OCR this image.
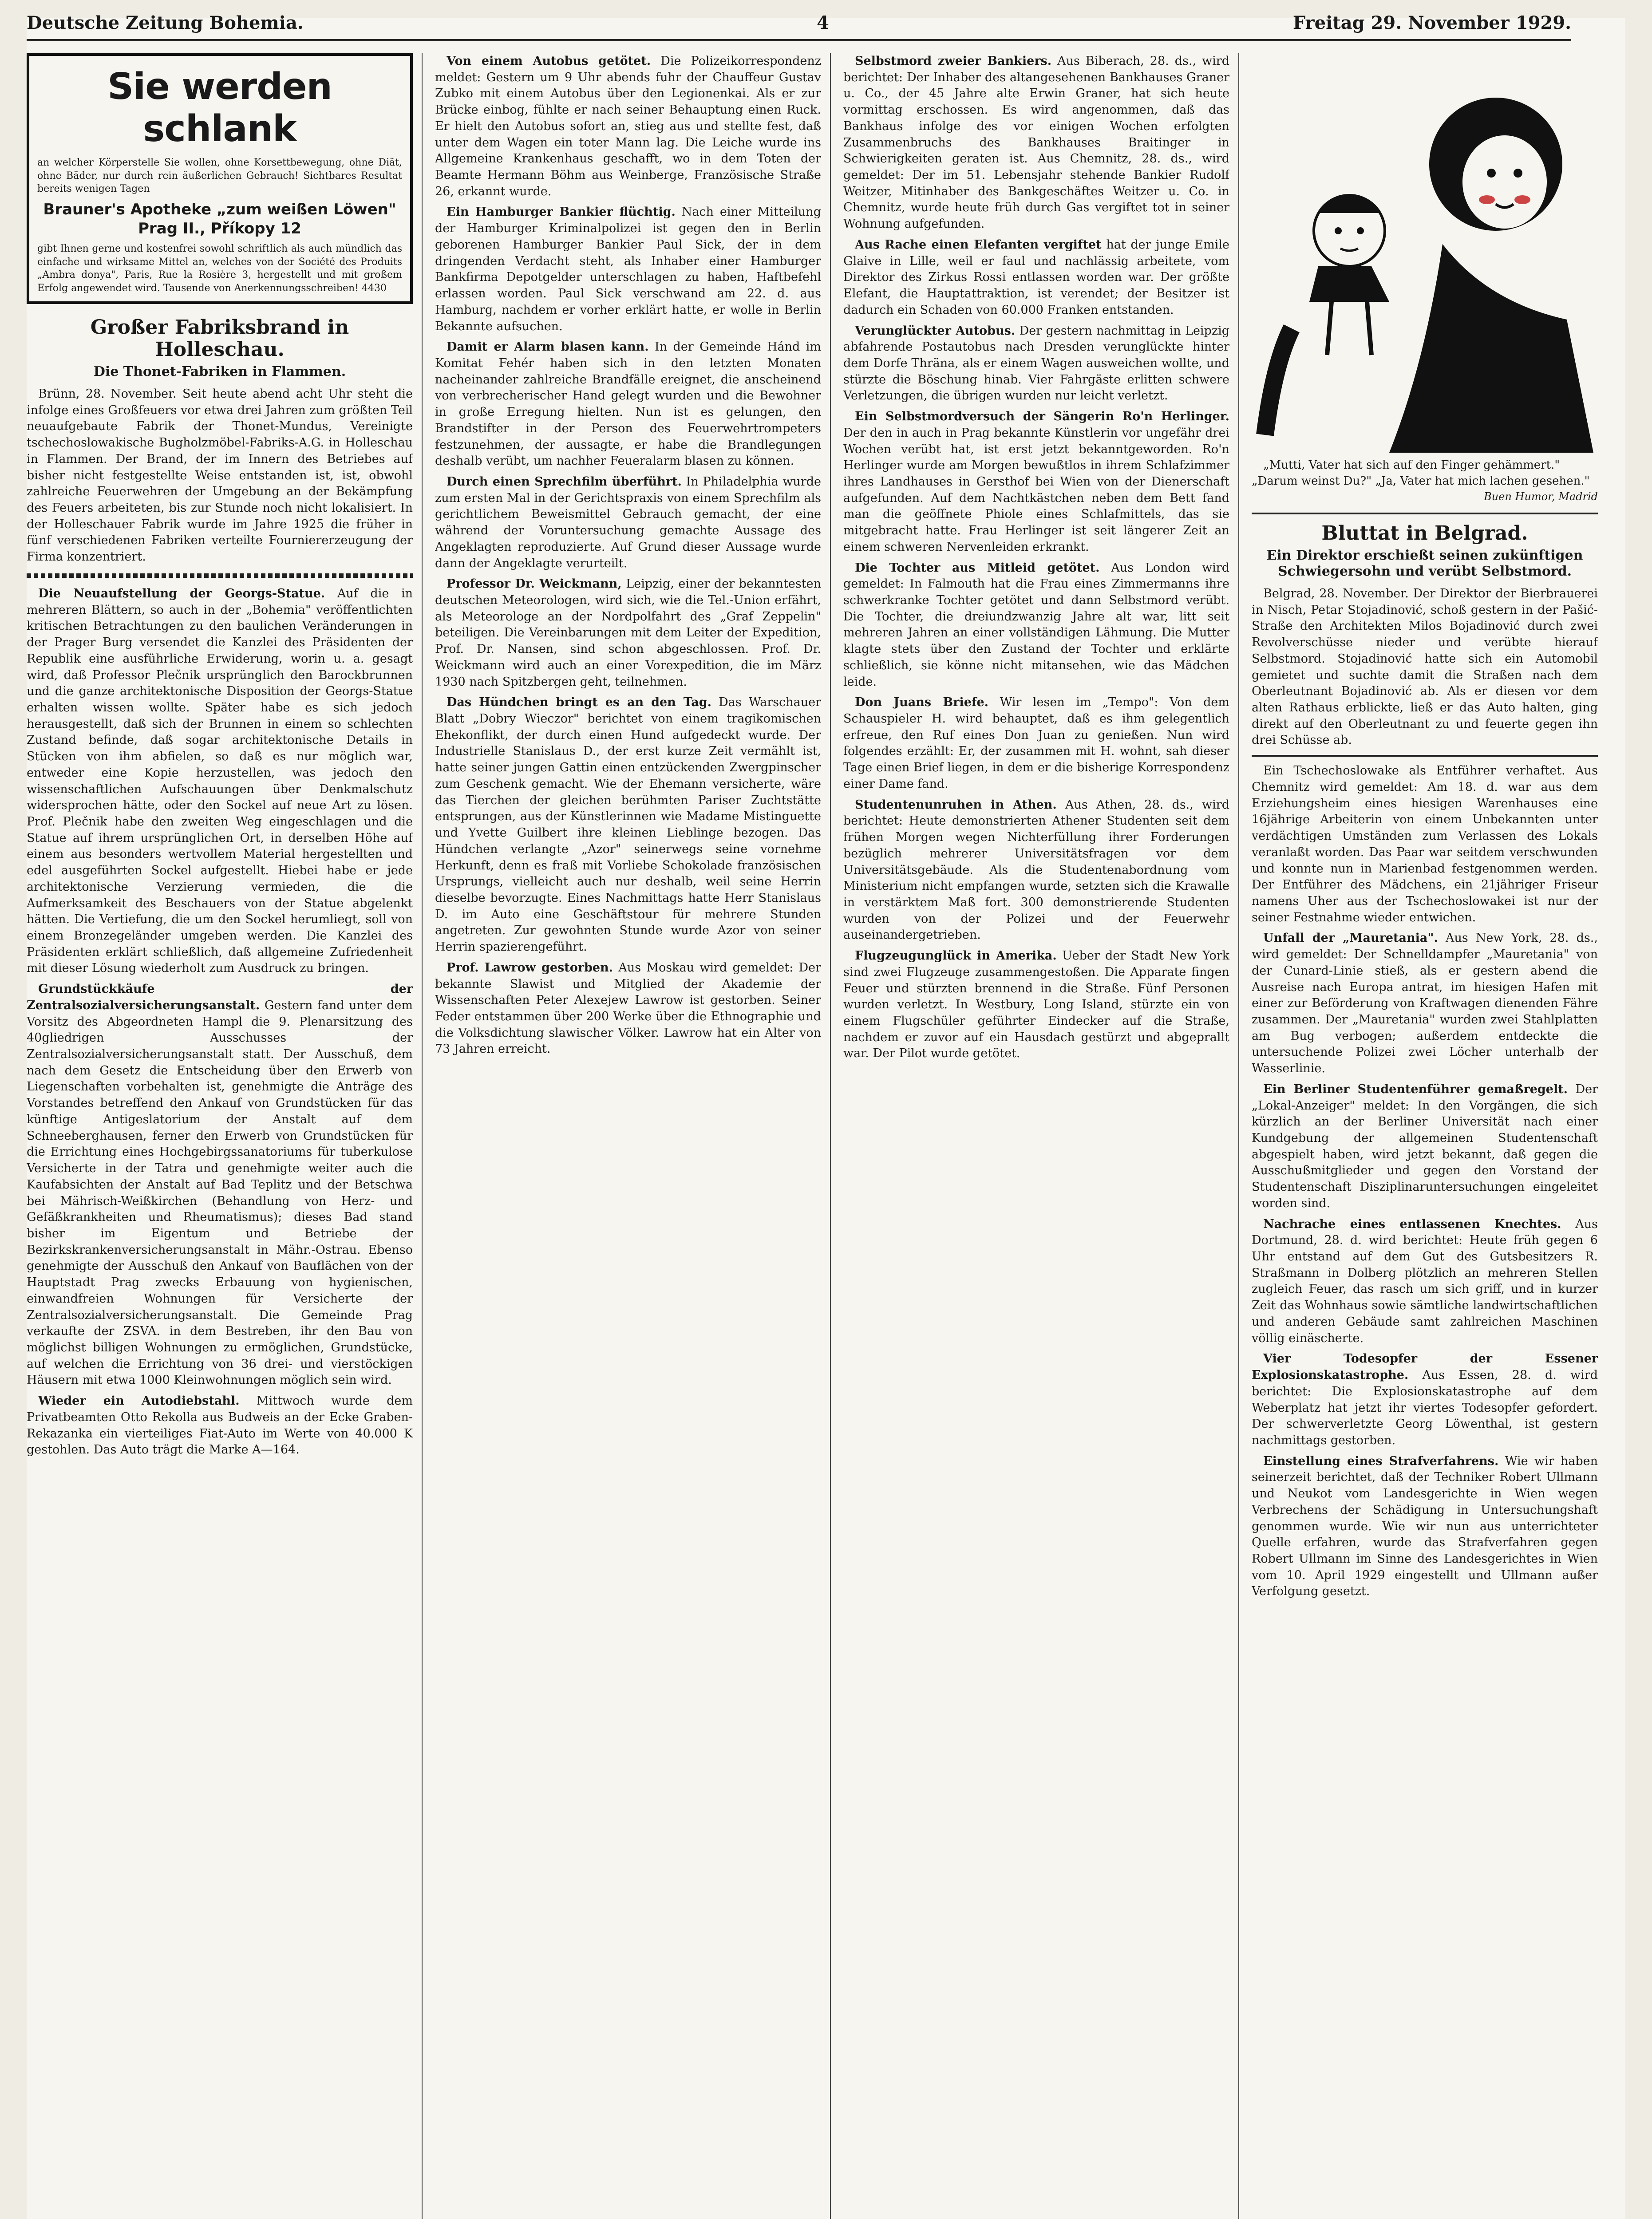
Deutsche Zeitung Bohemia.	4	Freitag 29. November 1929.
Sie werden schlank
an welcher Körperstelle Sie wollen, ohne Korsettbewegung, ohne Diät, ohne Bäder, nur durch rein äußerlichen Gebrauch! Sichtbares Resultat bereits wenigen Tagen
Brauner's Apotheke „zum weißen Löwen" Prag II., Příkopy 12
gibt Ihnen gerne und kostenfrei sowohl schriftlich als auch mündlich das einfache und wirksame Mittel an, welches von der Société des Produits „Ambra donya", Paris, Rue la Rosière 3, hergestellt und mit großem Erfolg angewendet wird. Tausende von Anerkennungsschreiben! 4430
Großer Fabriksbrand in Holleschau.
Die Thonet-Fabriken in Flammen.

Brünn, 28. November. Seit heute abend acht Uhr steht die infolge eines Großfeuers vor etwa drei Jahren zum größten Teil neuaufgebaute Fabrik der Thonet-Mundus, Vereinigte tschechoslowakische Bugholzmöbel-Fabriks-A.G. in Holleschau in Flammen. Der Brand, der im Innern des Betriebes auf bisher nicht festgestellte Weise entstanden ist, ist, obwohl zahlreiche Feuerwehren der Umgebung an der Bekämpfung des Feuers arbeiteten, bis zur Stunde noch nicht lokalisiert. In der Holleschauer Fabrik wurde im Jahre 1925 die früher in fünf verschiedenen Fabriken verteilte Fourniererzeugung der Firma konzentriert.

Die Neuaufstellung der Georgs-Statue. Auf die in mehreren Blättern, so auch in der „Bohemia" veröffentlichten kritischen Betrachtungen zu den baulichen Veränderungen in der Prager Burg versendet die Kanzlei des Präsidenten der Republik eine ausführliche Erwiderung, worin u. a. gesagt wird, daß Professor Plečnik ursprünglich den Barockbrunnen und die ganze architektonische Disposition der Georgs-Statue erhalten wissen wollte. Später habe es sich jedoch herausgestellt, daß sich der Brunnen in einem so schlechten Zustand befinde, daß sogar architektonische Details in Stücken von ihm abfielen, so daß es nur möglich war, entweder eine Kopie herzustellen, was jedoch den wissenschaftlichen Aufschauungen über Denkmalschutz widersprochen hätte, oder den Sockel auf neue Art zu lösen. Prof. Plečnik habe den zweiten Weg eingeschlagen und die Statue auf ihrem ursprünglichen Ort, in derselben Höhe auf einem aus besonders wertvollem Material hergestellten und edel ausgeführten Sockel aufgestellt. Hiebei habe er jede architektonische Verzierung vermieden, die die Aufmerksamkeit des Beschauers von der Statue abgelenkt hätten. Die Vertiefung, die um den Sockel herumliegt, soll von einem Bronzegeländer umgeben werden. Die Kanzlei des Präsidenten erklärt schließlich, daß allgemeine Zufriedenheit mit dieser Lösung wiederholt zum Ausdruck zu bringen.

Grundstückkäufe der Zentralsozialversicherungsanstalt. Gestern fand unter dem Vorsitz des Abgeordneten Hampl die 9. Plenarsitzung des 40gliedrigen Ausschusses der Zentralsozialversicherungsanstalt statt. Der Ausschuß, dem nach dem Gesetz die Entscheidung über den Erwerb von Liegenschaften vorbehalten ist, genehmigte die Anträge des Vorstandes betreffend den Ankauf von Grundstücken für das künftige Antigeslatorium der Anstalt auf dem Schneeberghausen, ferner den Erwerb von Grundstücken für die Errichtung eines Hochgebirgssanatoriums für tuberkulose Versicherte in der Tatra und genehmigte weiter auch die Kaufabsichten der Anstalt auf Bad Teplitz und der Betschwa bei Mährisch-Weißkirchen (Behandlung von Herz- und Gefäßkrankheiten und Rheumatismus); dieses Bad stand bisher im Eigentum und Betriebe der Bezirkskrankenversicherungsanstalt in Mähr.-Ostrau. Ebenso genehmigte der Ausschuß den Ankauf von Bauflächen von der Hauptstadt Prag zwecks Erbauung von hygienischen, einwandfreien Wohnungen für Versicherte der Zentralsozialversicherungsanstalt. Die Gemeinde Prag verkaufte der ZSVA. in dem Bestreben, ihr den Bau von möglichst billigen Wohnungen zu ermöglichen, Grundstücke, auf welchen die Errichtung von 36 drei- und vierstöckigen Häusern mit etwa 1000 Kleinwohnungen möglich sein wird.

Wieder ein Autodiebstahl. Mittwoch wurde dem Privatbeamten Otto Rekolla aus Budweis an der Ecke Graben-Rekazanka ein vierteiliges Fiat-Auto im Werte von 40.000 K gestohlen. Das Auto trägt die Marke A—164.

Von einem Autobus getötet. Die Polizeikorrespondenz meldet: Gestern um 9 Uhr abends fuhr der Chauffeur Gustav Zubko mit einem Autobus über den Legionenkai. Als er zur Brücke einbog, fühlte er nach seiner Behauptung einen Ruck. Er hielt den Autobus sofort an, stieg aus und stellte fest, daß unter dem Wagen ein toter Mann lag. Die Leiche wurde ins Allgemeine Krankenhaus geschafft, wo in dem Toten der Beamte Hermann Böhm aus Weinberge, Französische Straße 26, erkannt wurde.

Ein Hamburger Bankier flüchtig. Nach einer Mitteilung der Hamburger Kriminalpolizei ist gegen den in Berlin geborenen Hamburger Bankier Paul Sick, der in dem dringenden Verdacht steht, als Inhaber einer Hamburger Bankfirma Depotgelder unterschlagen zu haben, Haftbefehl erlassen worden. Paul Sick verschwand am 22. d. aus Hamburg, nachdem er vorher erklärt hatte, er wolle in Berlin Bekannte aufsuchen.

Damit er Alarm blasen kann. In der Gemeinde Hánd im Komitat Fehér haben sich in den letzten Monaten nacheinander zahlreiche Brandfälle ereignet, die anscheinend von verbrecherischer Hand gelegt wurden und die Bewohner in große Erregung hielten. Nun ist es gelungen, den Brandstifter in der Person des Feuerwehrtrompeters festzunehmen, der aussagte, er habe die Brandlegungen deshalb verübt, um nachher Feueralarm blasen zu können.

Durch einen Sprechfilm überführt. In Philadelphia wurde zum ersten Mal in der Gerichtspraxis von einem Sprechfilm als gerichtlichem Beweismittel Gebrauch gemacht, der eine während der Voruntersuchung gemachte Aussage des Angeklagten reproduzierte. Auf Grund dieser Aussage wurde dann der Angeklagte verurteilt.

Professor Dr. Weickmann, Leipzig, einer der bekanntesten deutschen Meteorologen, wird sich, wie die Tel.-Union erfährt, als Meteorologe an der Nordpolfahrt des „Graf Zeppelin" beteiligen. Die Vereinbarungen mit dem Leiter der Expedition, Prof. Dr. Nansen, sind schon abgeschlossen. Prof. Dr. Weickmann wird auch an einer Vorexpedition, die im März 1930 nach Spitzbergen geht, teilnehmen.

Das Hündchen bringt es an den Tag. Das Warschauer Blatt „Dobry Wieczor" berichtet von einem tragikomischen Ehekonflikt, der durch einen Hund aufgedeckt wurde. Der Industrielle Stanislaus D., der erst kurze Zeit vermählt ist, hatte seiner jungen Gattin einen entzückenden Zwergpinscher zum Geschenk gemacht. Wie der Ehemann versicherte, wäre das Tierchen der gleichen berühmten Pariser Zuchtstätte entsprungen, aus der Künstlerinnen wie Madame Mistinguette und Yvette Guilbert ihre kleinen Lieblinge bezogen. Das Hündchen verlangte „Azor" seinerwegs seine vornehme Herkunft, denn es fraß mit Vorliebe Schokolade französischen Ursprungs, vielleicht auch nur deshalb, weil seine Herrin dieselbe bevorzugte. Eines Nachmittags hatte Herr Stanislaus D. im Auto eine Geschäftstour für mehrere Stunden angetreten. Zur gewohnten Stunde wurde Azor von seiner Herrin spazierengeführt.

Prof. Lawrow gestorben. Aus Moskau wird gemeldet: Der bekannte Slawist und Mitglied der Akademie der Wissenschaften Peter Alexejew Lawrow ist gestorben. Seiner Feder entstammen über 200 Werke über die Ethnographie und die Volksdichtung slawischer Völker. Lawrow hat ein Alter von 73 Jahren erreicht.

Selbstmord zweier Bankiers. Aus Biberach, 28. ds., wird berichtet: Der Inhaber des altangesehenen Bankhauses Graner u. Co., der 45 Jahre alte Erwin Graner, hat sich heute vormittag erschossen. Es wird angenommen, daß das Bankhaus infolge des vor einigen Wochen erfolgten Zusammenbruchs des Bankhauses Braitinger in Schwierigkeiten geraten ist. Aus Chemnitz, 28. ds., wird gemeldet: Der im 51. Lebensjahr stehende Bankier Rudolf Weitzer, Mitinhaber des Bankgeschäftes Weitzer u. Co. in Chemnitz, wurde heute früh durch Gas vergiftet tot in seiner Wohnung aufgefunden.

Aus Rache einen Elefanten vergiftet hat der junge Emile Glaive in Lille, weil er faul und nachlässig arbeitete, vom Direktor des Zirkus Rossi entlassen worden war. Der größte Elefant, die Hauptattraktion, ist verendet; der Besitzer ist dadurch ein Schaden von 60.000 Franken entstanden.

Verunglückter Autobus. Der gestern nachmittag in Leipzig abfahrende Postautobus nach Dresden verunglückte hinter dem Dorfe Thräna, als er einem Wagen ausweichen wollte, und stürzte die Böschung hinab. Vier Fahrgäste erlitten schwere Verletzungen, die übrigen wurden nur leicht verletzt.

Ein Selbstmordversuch der Sängerin Ro'n Herlinger. Der den in auch in Prag bekannte Künstlerin vor ungefähr drei Wochen verübt hat, ist erst jetzt bekanntgeworden. Ro'n Herlinger wurde am Morgen bewußtlos in ihrem Schlafzimmer ihres Landhauses in Gersthof bei Wien von der Dienerschaft aufgefunden. Auf dem Nachtkästchen neben dem Bett fand man die geöffnete Phiole eines Schlafmittels, das sie mitgebracht hatte. Frau Herlinger ist seit längerer Zeit an einem schweren Nervenleiden erkrankt.

Die Tochter aus Mitleid getötet. Aus London wird gemeldet: In Falmouth hat die Frau eines Zimmermanns ihre schwerkranke Tochter getötet und dann Selbstmord verübt. Die Tochter, die dreiundzwanzig Jahre alt war, litt seit mehreren Jahren an einer vollständigen Lähmung. Die Mutter klagte stets über den Zustand der Tochter und erklärte schließlich, sie könne nicht mitansehen, wie das Mädchen leide.

Don Juans Briefe. Wir lesen im „Tempo": Von dem Schauspieler H. wird behauptet, daß es ihm gelegentlich erfreue, den Ruf eines Don Juan zu genießen. Nun wird folgendes erzählt: Er, der zusammen mit H. wohnt, sah dieser Tage einen Brief liegen, in dem er die bisherige Korrespondenz einer Dame fand.

Studentenunruhen in Athen. Aus Athen, 28. ds., wird berichtet: Heute demonstrierten Athener Studenten seit dem frühen Morgen wegen Nichterfüllung ihrer Forderungen bezüglich mehrerer Universitätsfragen vor dem Universitätsgebäude. Als die Studentenabordnung vom Ministerium nicht empfangen wurde, setzten sich die Krawalle in verstärktem Maß fort. 300 demonstrierende Studenten wurden von der Polizei und der Feuerwehr auseinandergetrieben.

Flugzeugunglück in Amerika. Ueber der Stadt New York sind zwei Flugzeuge zusammengestoßen. Die Apparate fingen Feuer und stürzten brennend in die Straße. Fünf Personen wurden verletzt. In Westbury, Long Island, stürzte ein von einem Flugschüler geführter Eindecker auf die Straße, nachdem er zuvor auf ein Hausdach gestürzt und abgeprallt war. Der Pilot wurde getötet.

„Mutti, Vater hat sich auf den Finger gehämmert." „Darum weinst Du?" „Ja, Vater hat mich lachen gesehen."

Buen Humor, Madrid

Bluttat in Belgrad.
Ein Direktor erschießt seinen zukünftigen Schwiegersohn und verübt Selbstmord.

Belgrad, 28. November. Der Direktor der Bierbrauerei in Nisch, Petar Stojadinović, schoß gestern in der Pašić-Straße den Architekten Milos Bojadinović durch zwei Revolverschüsse nieder und verübte hierauf Selbstmord. Stojadinović hatte sich ein Automobil gemietet und suchte damit die Straßen nach dem Oberleutnant Bojadinović ab. Als er diesen vor dem alten Rathaus erblickte, ließ er das Auto halten, ging direkt auf den Oberleutnant zu und feuerte gegen ihn drei Schüsse ab.

Ein Tschechoslowake als Entführer verhaftet. Aus Chemnitz wird gemeldet: Am 18. d. war aus dem Erziehungsheim eines hiesigen Warenhauses eine 16jährige Arbeiterin von einem Unbekannten unter verdächtigen Umständen zum Verlassen des Lokals veranlaßt worden. Das Paar war seitdem verschwunden und konnte nun in Marienbad festgenommen werden. Der Entführer des Mädchens, ein 21jähriger Friseur namens Uher aus der Tschechoslowakei ist nur der seiner Festnahme wieder entwichen.

Unfall der „Mauretania". Aus New York, 28. ds., wird gemeldet: Der Schnelldampfer „Mauretania" von der Cunard-Linie stieß, als er gestern abend die Ausreise nach Europa antrat, im hiesigen Hafen mit einer zur Beförderung von Kraftwagen dienenden Fähre zusammen. Der „Mauretania" wurden zwei Stahlplatten am Bug verbogen; außerdem entdeckte die untersuchende Polizei zwei Löcher unterhalb der Wasserlinie.

Ein Berliner Studentenführer gemaßregelt. Der „Lokal-Anzeiger" meldet: In den Vorgängen, die sich kürzlich an der Berliner Universität nach einer Kundgebung der allgemeinen Studentenschaft abgespielt haben, wird jetzt bekannt, daß gegen die Ausschußmitglieder und gegen den Vorstand der Studentenschaft Disziplinaruntersuchungen eingeleitet worden sind.

Nachrache eines entlassenen Knechtes. Aus Dortmund, 28. d. wird berichtet: Heute früh gegen 6 Uhr entstand auf dem Gut des Gutsbesitzers R. Straßmann in Dolberg plötzlich an mehreren Stellen zugleich Feuer, das rasch um sich griff, und in kurzer Zeit das Wohnhaus sowie sämtliche landwirtschaftlichen und anderen Gebäude samt zahlreichen Maschinen völlig einäscherte.

Vier Todesopfer der Essener Explosionskatastrophe. Aus Essen, 28. d. wird berichtet: Die Explosionskatastrophe auf dem Weberplatz hat jetzt ihr viertes Todesopfer gefordert. Der schwerverletzte Georg Löwenthal, ist gestern nachmittags gestorben.

Einstellung eines Strafverfahrens. Wie wir haben seinerzeit berichtet, daß der Techniker Robert Ullmann und Neukot vom Landesgerichte in Wien wegen Verbrechens der Schädigung in Untersuchungshaft genommen wurde. Wie wir nun aus unterrichteter Quelle erfahren, wurde das Strafverfahren gegen Robert Ullmann im Sinne des Landesgerichtes in Wien vom 10. April 1929 eingestellt und Ullmann außer Verfolgung gesetzt.
